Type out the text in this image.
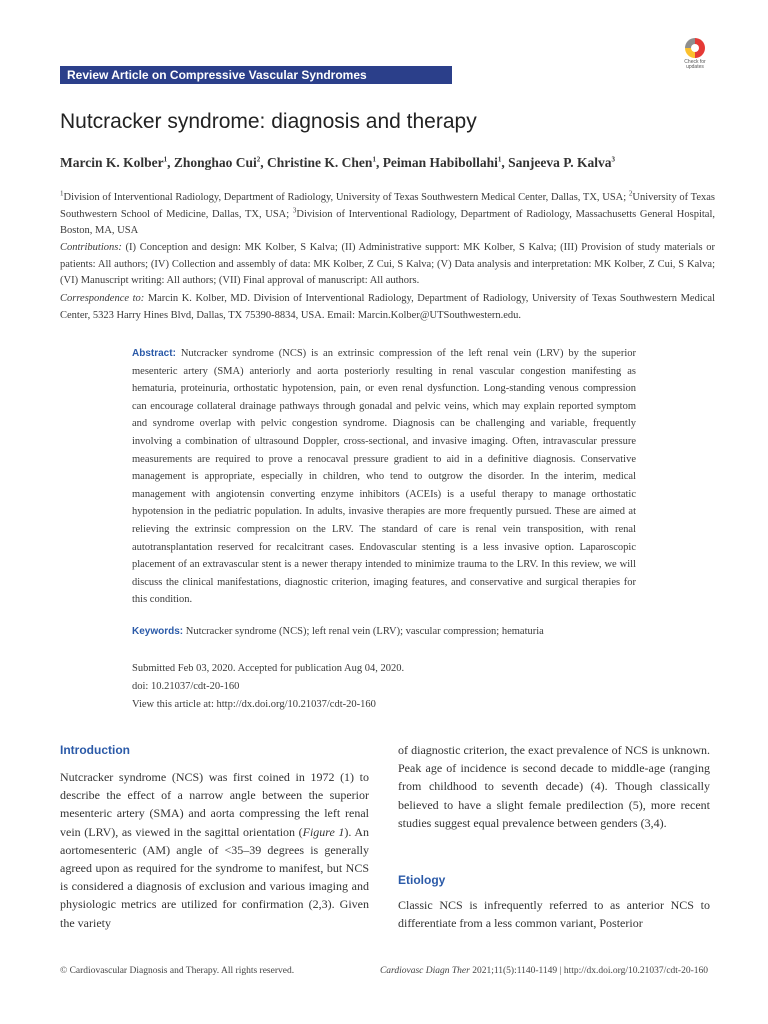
Review Article on Compressive Vascular Syndromes
Check for updates
Nutcracker syndrome: diagnosis and therapy
Marcin K. Kolber$^1$, Zhonghao Cui$^2$, Christine K. Chen$^1$, Peiman Habibollahi$^1$, Sanjeeva P. Kalva$^3$
$^1$Division of Interventional Radiology, Department of Radiology, University of Texas Southwestern Medical Center, Dallas, TX, USA; $^2$University of Texas Southwestern School of Medicine, Dallas, TX, USA; $^3$Division of Interventional Radiology, Department of Radiology, Massachusetts General Hospital, Boston, MA, USA
Contributions: (I) Conception and design: MK Kolber, S Kalva; (II) Administrative support: MK Kolber, S Kalva; (III) Provision of study materials or patients: All authors; (IV) Collection and assembly of data: MK Kolber, Z Cui, S Kalva; (V) Data analysis and interpretation: MK Kolber, Z Cui, S Kalva; (VI) Manuscript writing: All authors; (VII) Final approval of manuscript: All authors.
Correspondence to: Marcin K. Kolber, MD. Division of Interventional Radiology, Department of Radiology, University of Texas Southwestern Medical Center, 5323 Harry Hines Blvd, Dallas, TX 75390-8834, USA. Email: Marcin.Kolber@UTSouthwestern.edu.
Abstract: Nutcracker syndrome (NCS) is an extrinsic compression of the left renal vein (LRV) by the superior mesenteric artery (SMA) anteriorly and aorta posteriorly resulting in renal vascular congestion manifesting as hematuria, proteinuria, orthostatic hypotension, pain, or even renal dysfunction. Long-standing venous compression can encourage collateral drainage pathways through gonadal and pelvic veins, which may explain reported symptom and syndrome overlap with pelvic congestion syndrome. Diagnosis can be challenging and variable, frequently involving a combination of ultrasound Doppler, cross-sectional, and invasive imaging. Often, intravascular pressure measurements are required to prove a renocaval pressure gradient to aid in a definitive diagnosis. Conservative management is appropriate, especially in children, who tend to outgrow the disorder. In the interim, medical management with angiotensin converting enzyme inhibitors (ACEIs) is a useful therapy to manage orthostatic hypotension in the pediatric population. In adults, invasive therapies are more frequently pursued. These are aimed at relieving the extrinsic compression on the LRV. The standard of care is renal vein transposition, with renal autotransplantation reserved for recalcitrant cases. Endovascular stenting is a less invasive option. Laparoscopic placement of an extravascular stent is a newer therapy intended to minimize trauma to the LRV. In this review, we will discuss the clinical manifestations, diagnostic criterion, imaging features, and conservative and surgical therapies for this condition.
Keywords: Nutcracker syndrome (NCS); left renal vein (LRV); vascular compression; hematuria
Submitted Feb 03, 2020. Accepted for publication Aug 04, 2020.
doi: 10.21037/cdt-20-160
View this article at: http://dx.doi.org/10.21037/cdt-20-160
Introduction
Nutcracker syndrome (NCS) was first coined in 1972 (1) to describe the effect of a narrow angle between the superior mesenteric artery (SMA) and aorta compressing the left renal vein (LRV), as viewed in the sagittal orientation (Figure 1). An aortomesenteric (AM) angle of <35–39 degrees is generally agreed upon as required for the syndrome to manifest, but NCS is considered a diagnosis of exclusion and various imaging and physiologic metrics are utilized for confirmation (2,3). Given the variety
of diagnostic criterion, the exact prevalence of NCS is unknown. Peak age of incidence is second decade to middle-age (ranging from childhood to seventh decade) (4). Though classically believed to have a slight female predilection (5), more recent studies suggest equal prevalence between genders (3,4).
Etiology
Classic NCS is infrequently referred to as anterior NCS to differentiate from a less common variant, Posterior
© Cardiovascular Diagnosis and Therapy. All rights reserved.	Cardiovasc Diagn Ther 2021;11(5):1140-1149 | http://dx.doi.org/10.21037/cdt-20-160
